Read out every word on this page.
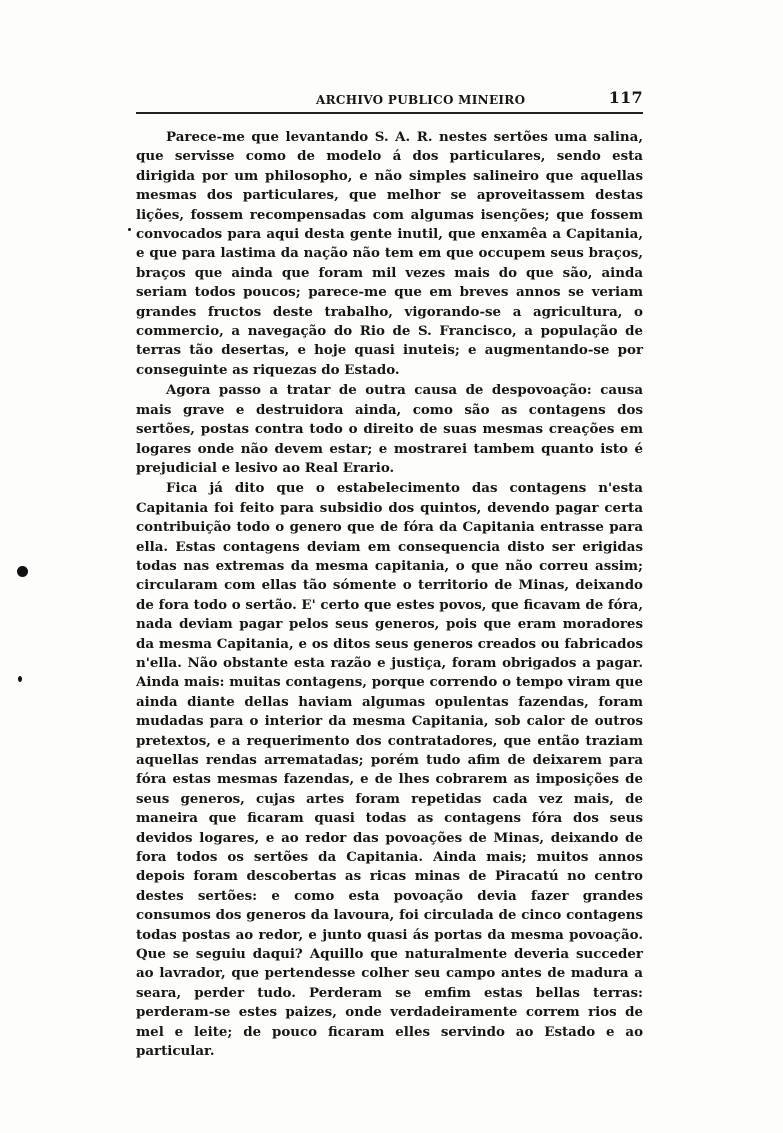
ARCHIVO PUBLICO MINEIRO	117

Parece-me que levantando S. A. R. nestes sertões uma salina, que servisse como de modelo á dos particulares, sendo esta dirigida por um philosopho, e não simples salineiro que aquellas mesmas dos particulares, que melhor se aproveitassem destas lições, fossem recompensadas com algumas isenções; que fossem convocados para aqui desta gente inutil, que enxamêa a Capitania, e que para lastima da nação não tem em que occupem seus braços, braços que ainda que foram mil vezes mais do que são, ainda seriam todos poucos; parece-me que em breves annos se veriam grandes fructos deste trabalho, vigorando-se a agricultura, o commercio, a navegação do Rio de S. Francisco, a população de terras tão desertas, e hoje quasi inuteis; e augmentando-se por conseguinte as riquezas do Estado.

Agora passo a tratar de outra causa de despovoação: causa mais grave e destruidora ainda, como são as contagens dos sertões, postas contra todo o direito de suas mesmas creações em logares onde não devem estar; e mostrarei tambem quanto isto é prejudicial e lesivo ao Real Erario.

Fica já dito que o estabelecimento das contagens n'esta Capitania foi feito para subsidio dos quintos, devendo pagar certa contribuição todo o genero que de fóra da Capitania entrasse para ella. Estas contagens deviam em consequencia disto ser erigidas todas nas extremas da mesma capitania, o que não correu assim; circularam com ellas tão sómente o territorio de Minas, deixando de fora todo o sertão. E' certo que estes povos, que ficavam de fóra, nada deviam pagar pelos seus generos, pois que eram moradores da mesma Capitania, e os ditos seus generos creados ou fabricados n'ella. Não obstante esta razão e justiça, foram obrigados a pagar. Ainda mais: muitas contagens, porque correndo o tempo viram que ainda diante dellas haviam algumas opulentas fazendas, foram mudadas para o interior da mesma Capitania, sob calor de outros pretextos, e a requerimento dos contratadores, que então traziam aquellas rendas arrematadas; porém tudo afim de deixarem para fóra estas mesmas fazendas, e de lhes cobrarem as imposições de seus generos, cujas artes foram repetidas cada vez mais, de maneira que ficaram quasi todas as contagens fóra dos seus devidos logares, e ao redor das povoações de Minas, deixando de fora todos os sertões da Capitania. Ainda mais; muitos annos depois foram descobertas as ricas minas de Piracatú no centro destes sertões: e como esta povoação devia fazer grandes consumos dos generos da lavoura, foi circulada de cinco contagens todas postas ao redor, e junto quasi ás portas da mesma povoação. Que se seguiu daqui? Aquillo que naturalmente deveria succeder ao lavrador, que pertendesse colher seu campo antes de madura a seara, perder tudo. Perderam se emfim estas bellas terras: perderam-se estes paizes, onde verdadeiramente correm rios de mel e leite; de pouco ficaram elles servindo ao Estado e ao particular.
